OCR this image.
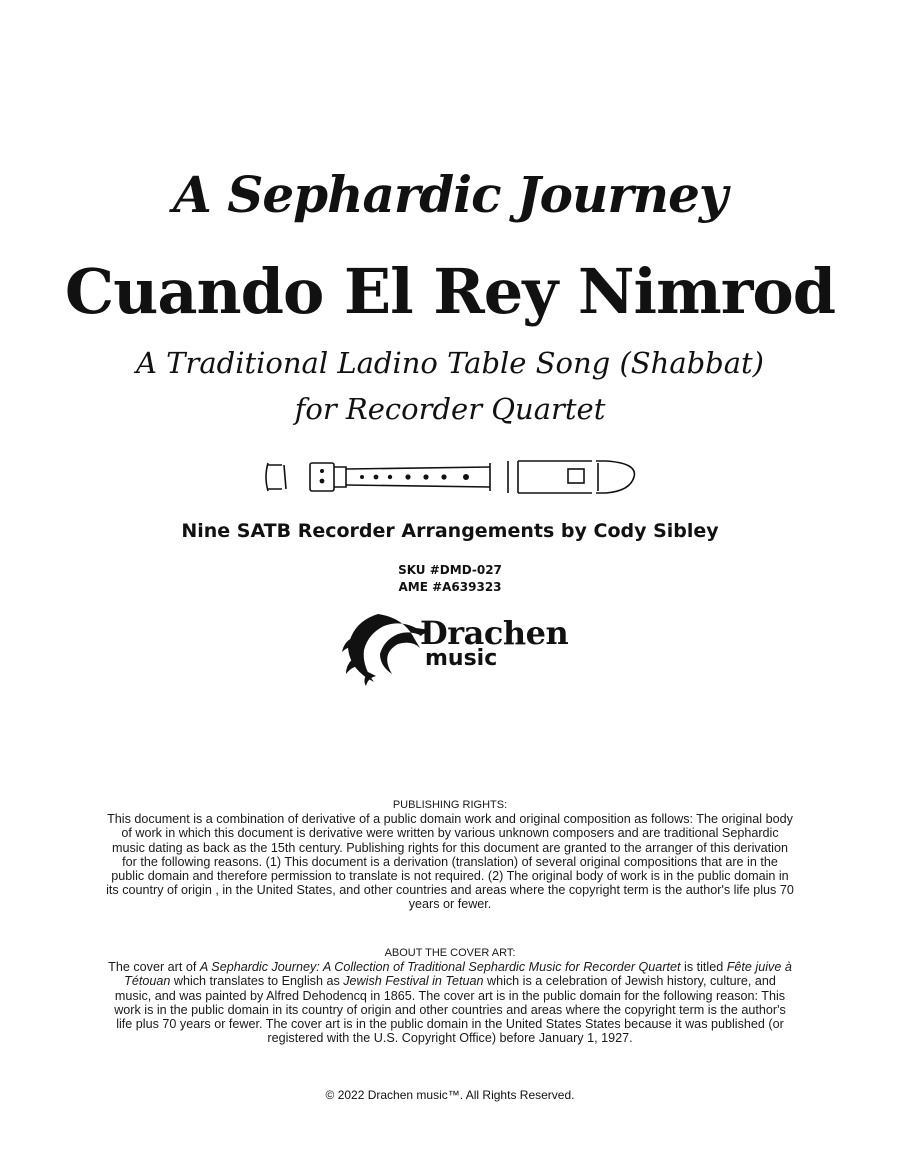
A Sephardic Journey
Cuando El Rey Nimrod
A Traditional Ladino Table Song (Shabbat)
for Recorder Quartet
Nine SATB Recorder Arrangements by Cody Sibley
SKU #DMD-027
AME #A639323
Drachen
music
PUBLISHING RIGHTS:
This document is a combination of derivative of a public domain work and original composition as follows: The original body of work in which this document is derivative were written by various unknown composers and are traditional Sephardic music dating as back as the 15th century. Publishing rights for this document are granted to the arranger of this derivation for the following reasons. (1) This document is a derivation (translation) of several original compositions that are in the public domain and therefore permission to translate is not required. (2) The original body of work is in the public domain in its country of origin , in the United States, and other countries and areas where the copyright term is the author's life plus 70 years or fewer.
ABOUT THE COVER ART:
The cover art of A Sephardic Journey: A Collection of Traditional Sephardic Music for Recorder Quartet is titled Fête juive à Tétouan which translates to English as Jewish Festival in Tetuan which is a celebration of Jewish history, culture, and music, and was painted by Alfred Dehodencq in 1865. The cover art is in the public domain for the following reason: This work is in the public domain in its country of origin and other countries and areas where the copyright term is the author's life plus 70 years or fewer. The cover art is in the public domain in the United States States because it was published (or registered with the U.S. Copyright Office) before January 1, 1927.
© 2022 Drachen music™. All Rights Reserved.
